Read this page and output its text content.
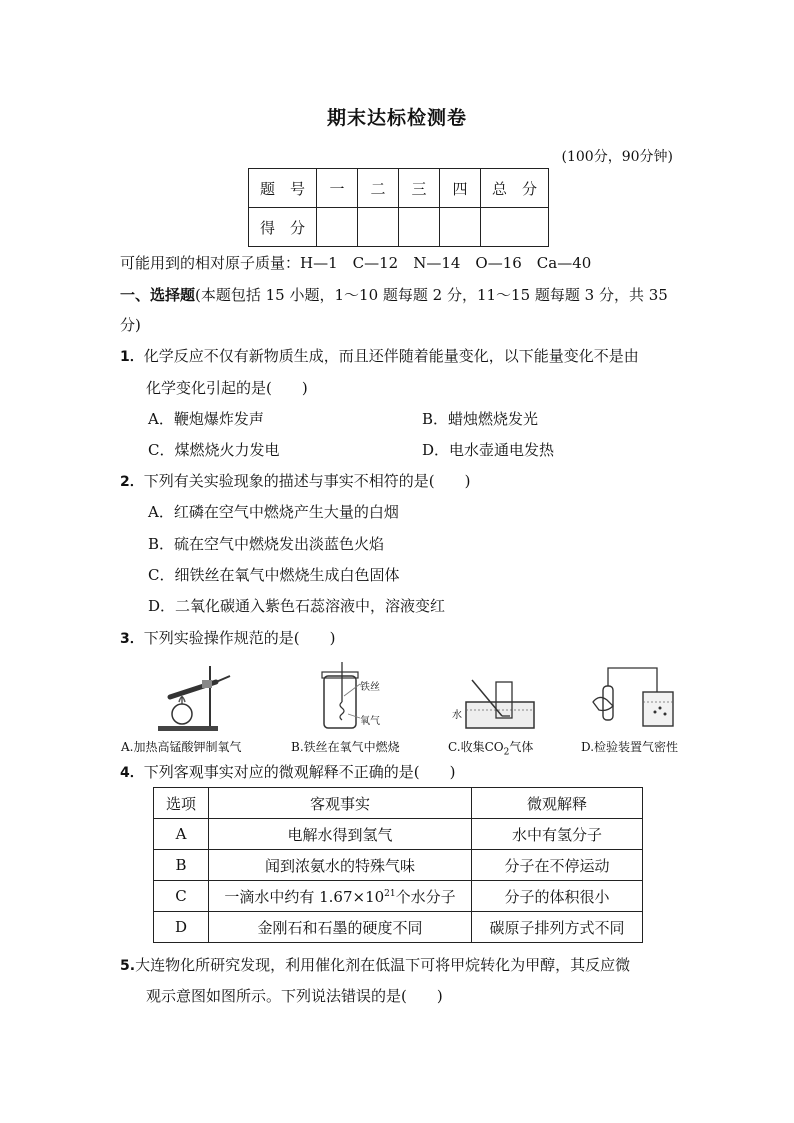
期末达标检测卷
(100分，90分钟)
题　号	一	二	三	四	总　分
得　分					
可能用到的相对原子质量：H—1　C—12　N—14　O—16　Ca—40
一、选择题(本题包括 15 小题，1～10 题每题 2 分，11～15 题每题 3 分，共 35
分)
1．化学反应不仅有新物质生成，而且还伴随着能量变化，以下能量变化不是由
化学变化引起的是(　　)
A．鞭炮爆炸发声	B．蜡烛燃烧发光
C．煤燃烧火力发电	D．电水壶通电发热
2．下列有关实验现象的描述与事实不相符的是(　　)
A．红磷在空气中燃烧产生大量的白烟
B．硫在空气中燃烧发出淡蓝色火焰
C．细铁丝在氧气中燃烧生成白色固体
D．二氧化碳通入紫色石蕊溶液中，溶液变红
3．下列实验操作规范的是(　　)
A.加热高锰酸钾制氧气
铁丝
氧气
B.铁丝在氧气中燃烧
水
C.收集$CO_2$气体	D.检验装置气密性
4．下列客观事实对应的微观解释不正确的是(　　)
选项	客观事实	微观解释
A	电解水得到氢气	水中有氢分子
B	闻到浓氨水的特殊气味	分子在不停运动
C	一滴水中约有 $1.67\times 10^{21}$个水分子	分子的体积很小
D	金刚石和石墨的硬度不同	碳原子排列方式不同
5.大连物化所研究发现，利用催化剂在低温下可将甲烷转化为甲醇，其反应微
观示意图如图所示。下列说法错误的是(　　)
